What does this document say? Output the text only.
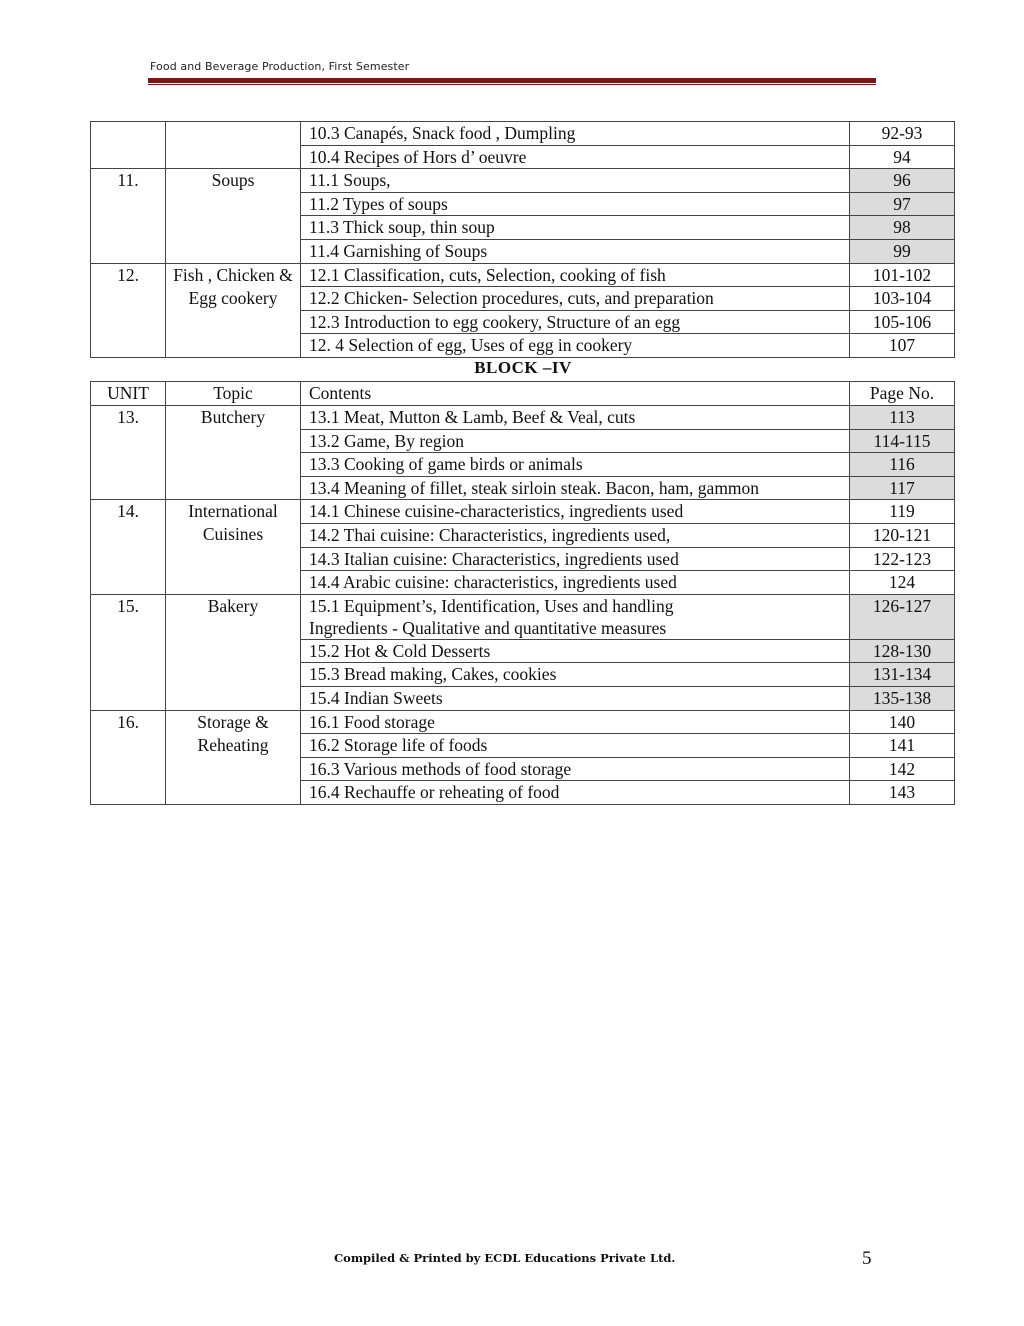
Food and Beverage Production, First Semester
		10.3 Canapés, Snack food , Dumpling	92-93
		10.4 Recipes of Hors d’ oeuvre	94
11.	Soups	11.1 Soups,	96
		11.2 Types of soups	97
		11.3 Thick soup, thin soup	98
		11.4 Garnishing of Soups	99
12.	Fish , Chicken & Egg cookery	12.1 Classification, cuts, Selection, cooking of fish	101-102
		12.2 Chicken- Selection procedures, cuts, and preparation	103-104
		12.3 Introduction to egg cookery, Structure of an egg	105-106
		12. 4 Selection of egg, Uses of egg in cookery	107
BLOCK –IV
UNIT	Topic	Contents	Page No.
13.	Butchery	13.1 Meat, Mutton & Lamb, Beef & Veal, cuts	113
		13.2 Game, By region	114-115
		13.3 Cooking of game birds or animals	116
		13.4 Meaning of fillet, steak sirloin steak. Bacon, ham, gammon	117
14.	International Cuisines	14.1 Chinese cuisine-characteristics, ingredients used	119
		14.2 Thai cuisine: Characteristics, ingredients used,	120-121
		14.3 Italian cuisine: Characteristics, ingredients used	122-123
		14.4 Arabic cuisine: characteristics, ingredients used	124
15.	Bakery	15.1 Equipment’s, Identification, Uses and handling
Ingredients - Qualitative and quantitative measures	126-127

		15.2 Hot & Cold Desserts	128-130
		15.3 Bread making, Cakes, cookies	131-134
		15.4 Indian Sweets	135-138
16.	Storage & Reheating	16.1 Food storage	140
		16.2 Storage life of foods	141
		16.3 Various methods of food storage	142
		16.4 Rechauffe or reheating of food	143
Compiled & Printed by ECDL Educations Private Ltd.	5
